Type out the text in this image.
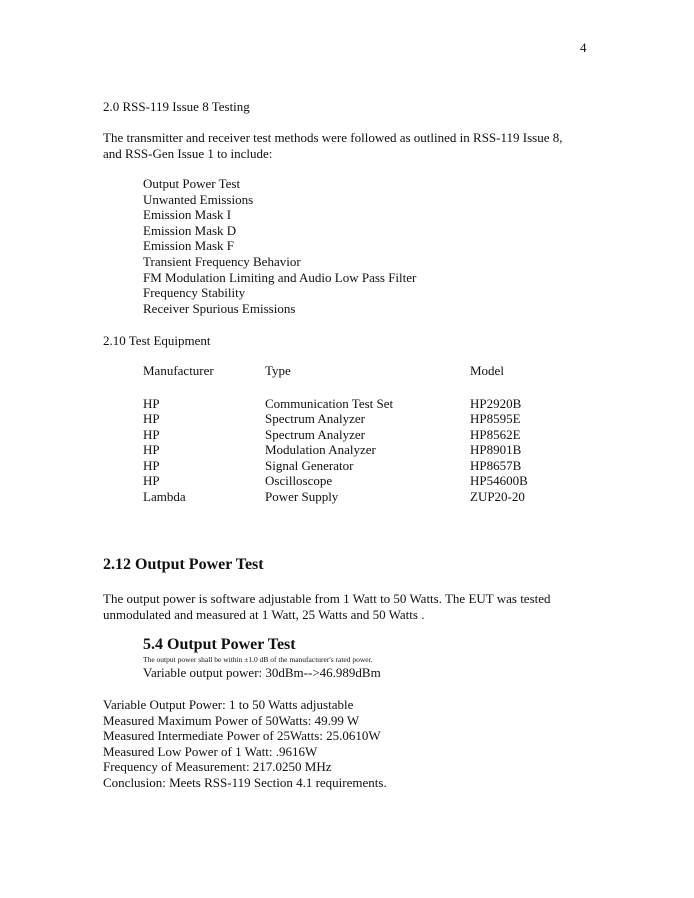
4
2.0 RSS-119 Issue 8 Testing
The transmitter and receiver test methods were followed as outlined in RSS-119 Issue 8,
and RSS-Gen Issue 1 to include:
Output Power Test
Unwanted Emissions
Emission Mask I
Emission Mask D
Emission Mask F
Transient Frequency Behavior
FM Modulation Limiting and Audio Low Pass Filter
Frequency Stability
Receiver Spurious Emissions
2.10 Test Equipment
Manufacturer	Type	Model
HP	Communication Test Set	HP2920B
HP	Spectrum Analyzer	HP8595E
HP	Spectrum Analyzer	HP8562E
HP	Modulation Analyzer	HP8901B
HP	Signal Generator	HP8657B
HP	Oscilloscope	HP54600B
Lambda	Power Supply	ZUP20-20
2.12 Output Power Test
The output power is software adjustable from 1 Watt to 50 Watts. The EUT was tested
unmodulated and measured at 1 Watt, 25 Watts and 50 Watts .
5.4 Output Power Test
The output power shall be within ±1.0 dB of the manufacturer's rated power.
Variable output power: 30dBm-->46.989dBm
Variable Output Power: 1 to 50 Watts adjustable
Measured Maximum Power of 50Watts: 49.99 W
Measured Intermediate Power of 25Watts: 25.0610W
Measured Low Power of 1 Watt: .9616W
Frequency of Measurement: 217.0250 MHz
Conclusion: Meets RSS-119 Section 4.1 requirements.
